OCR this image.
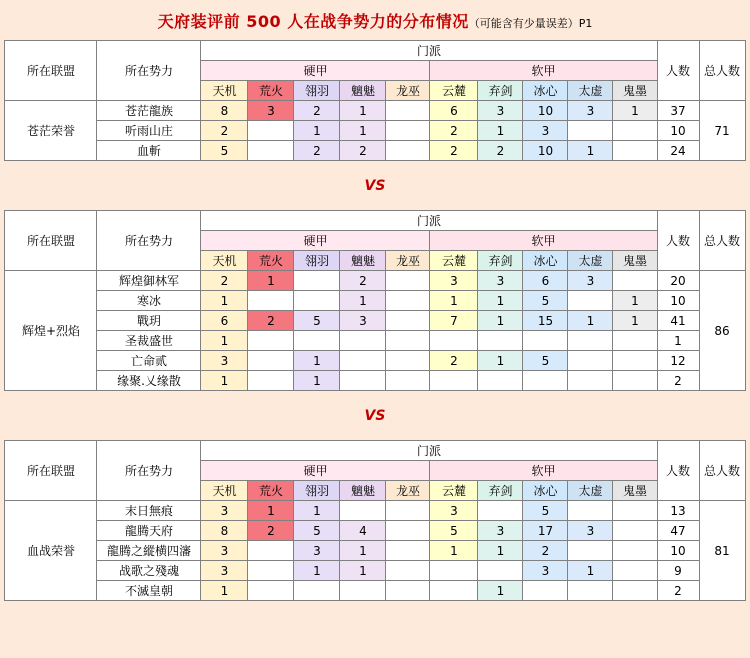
天府装评前 500 人在战争势力的分布情况（可能含有少量误差）P1
所在联盟	所在势力	门派										人数	总人数
		硬甲					软甲						
		天机	荒火	翎羽	魑魅	龙巫	云麓	弃剑	冰心	太虚	鬼墨		
苍茫荣誉	苍茫龍族	8	3	2	1		6	3	10	3	1	37	71
	听雨山庄	2		1	1		2	1	3			10	
	血斬	5		2	2		2	2	10	1		24	
VS
所在联盟	所在势力	门派										人数	总人数
		硬甲					软甲						
		天机	荒火	翎羽	魑魅	龙巫	云麓	弃剑	冰心	太虚	鬼墨		
辉煌+烈焰	辉煌御林军	2	1		2		3	3	6	3		20	86
	寒冰	1			1		1	1	5		1	10	
	戰玥	6	2	5	3		7	1	15	1	1	41	
	圣裁盛世	1										1	
	亡命贰	3		1			2	1	5			12	
	缘聚.乂缘散	1		1								2	
VS
所在联盟	所在势力	门派										人数	总人数
		硬甲					软甲						
		天机	荒火	翎羽	魑魅	龙巫	云麓	弃剑	冰心	太虚	鬼墨		
血战荣誉	末日無痕	3	1	1			3		5			13	81
	龍腾天府	8	2	5	4		5	3	17	3		47	
	龍腾之縱横四瀋	3		3	1		1	1	2			10	
	战歌之殘魂	3		1	1				3	1		9	
	不滅皇朝	1						1				2	
